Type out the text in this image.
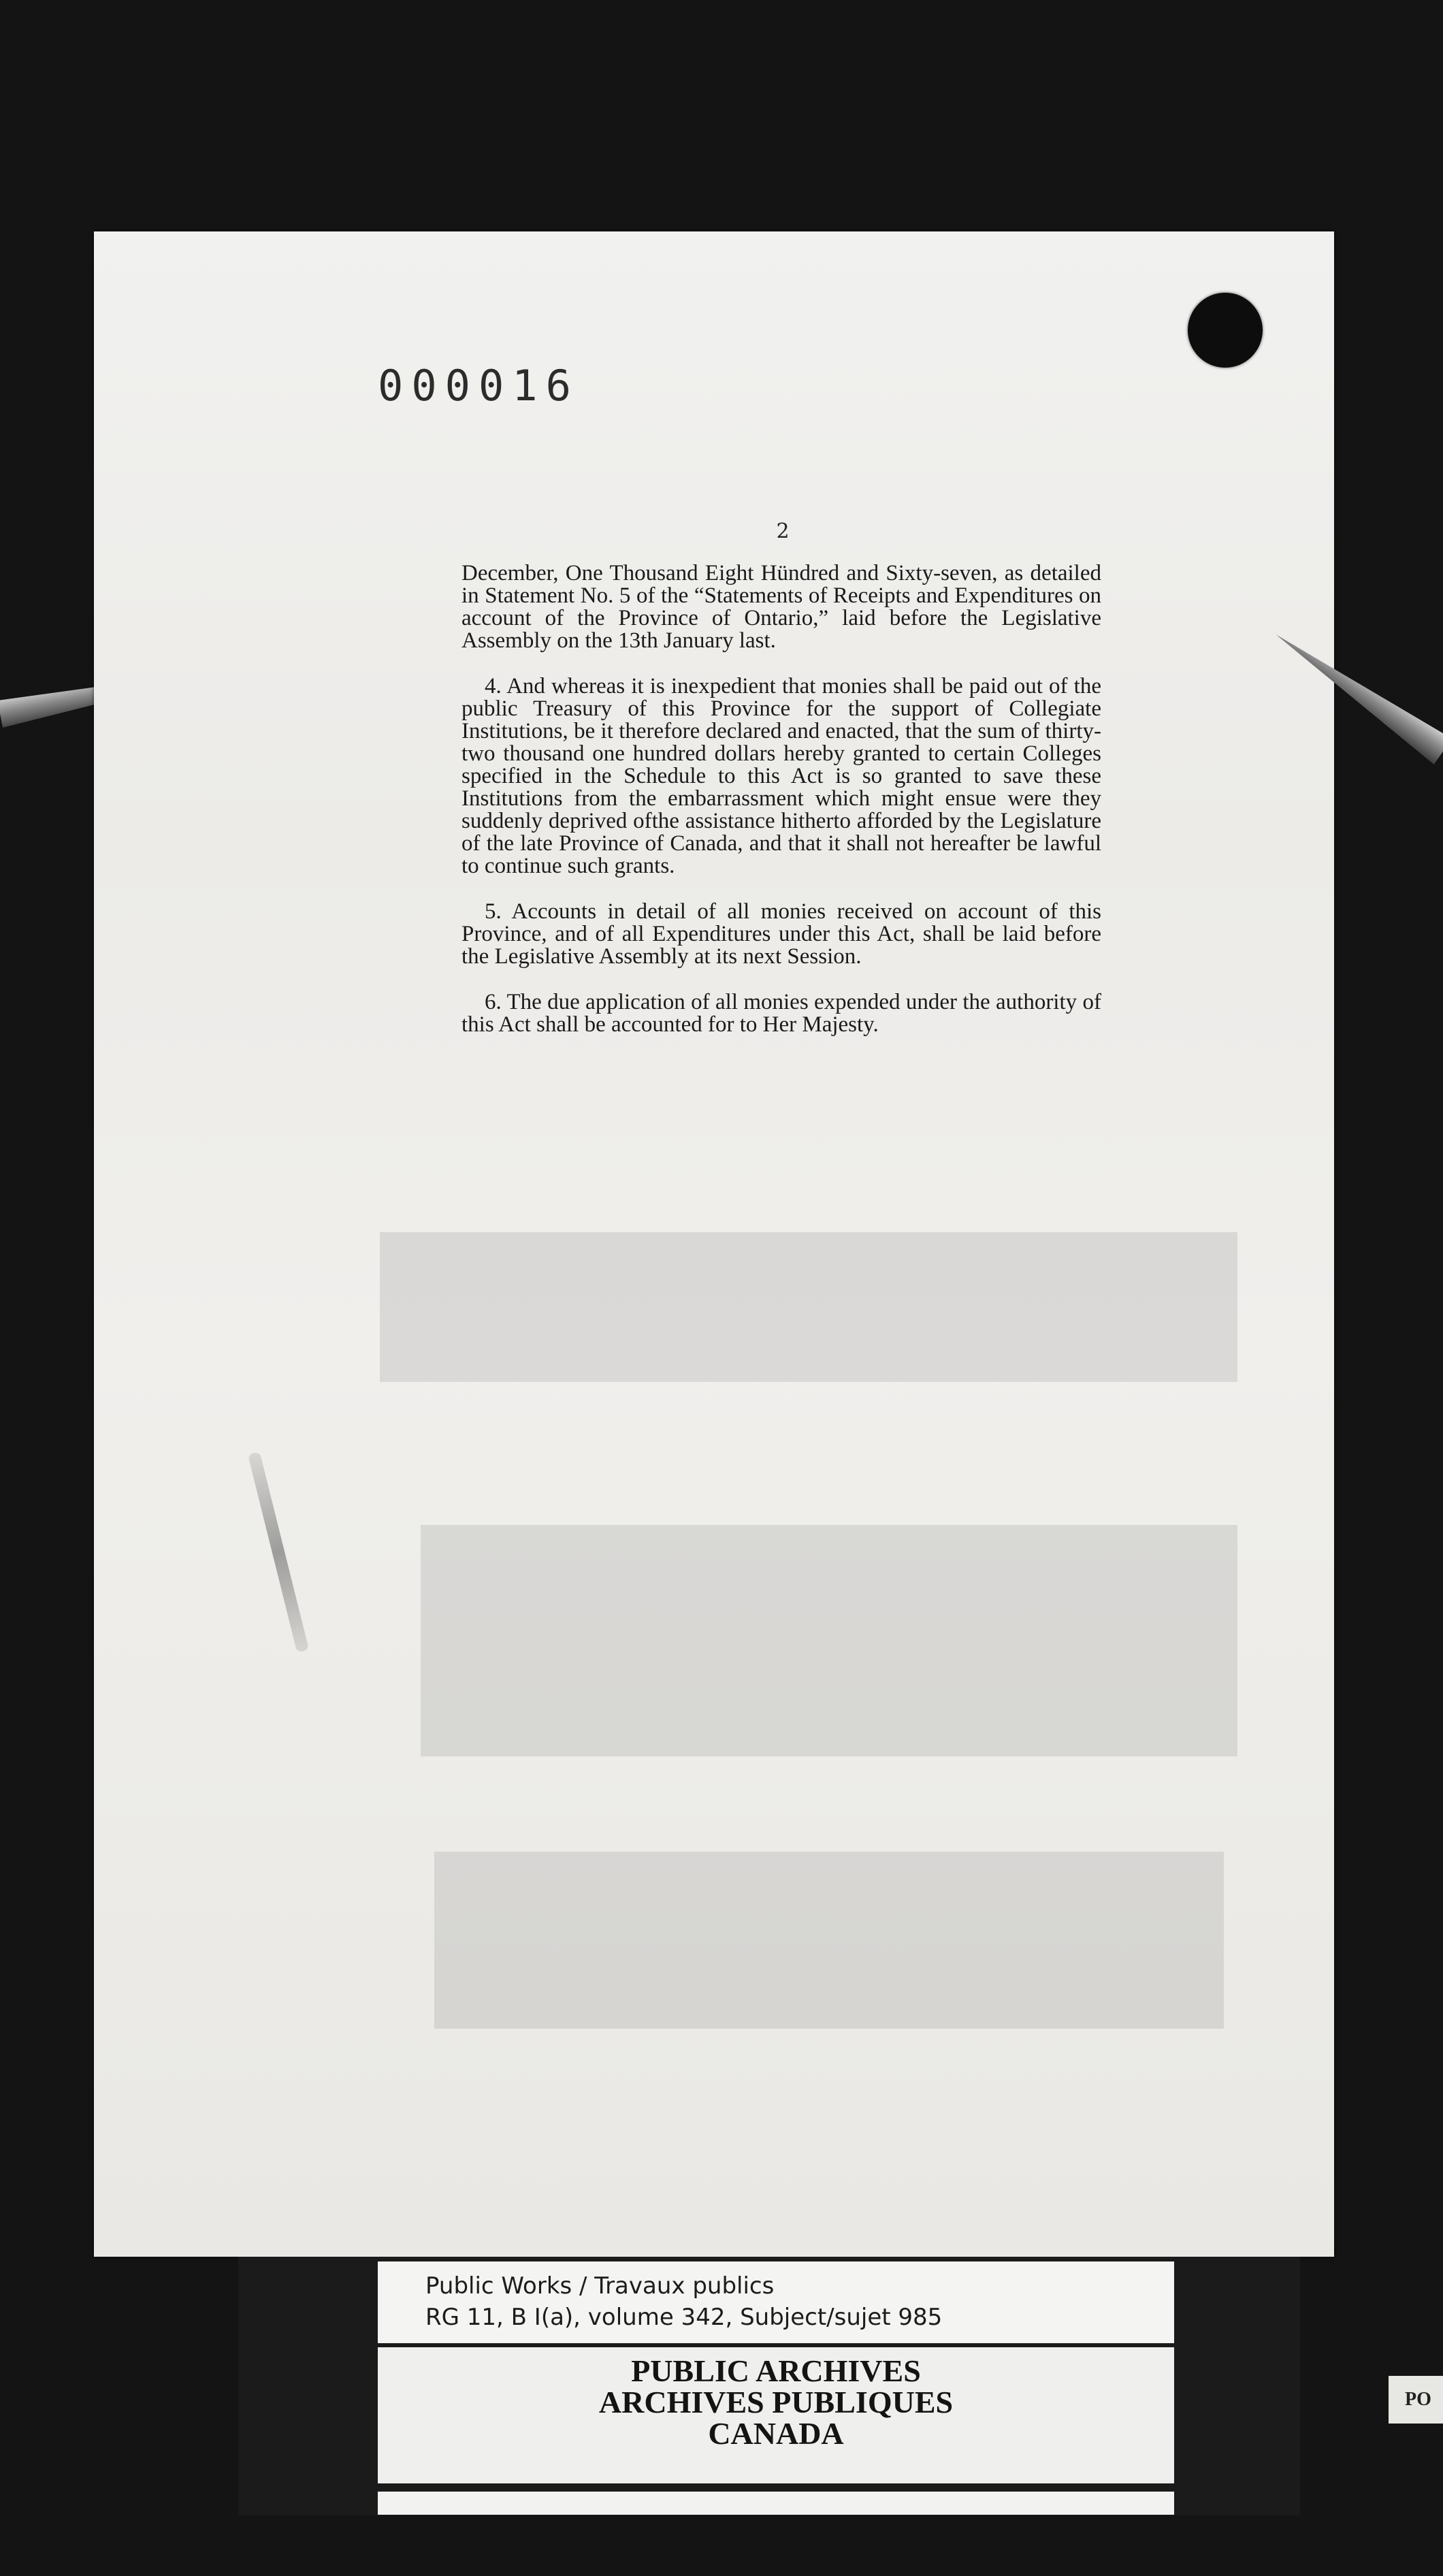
000016
2

December, One Thousand Eight Hündred and Sixty-seven, as detailed in Statement No. 5 of the “Statements of Receipts and Expenditures on account of the Province of Ontario,” laid before the Legislative Assembly on the 13th January last.

4. And whereas it is inexpedient that monies shall be paid out of the public Treasury of this Province for the support of Collegiate Institutions, be it therefore declared and enacted, that the sum of thirty-two thousand one hundred dollars hereby granted to certain Colleges specified in the Schedule to this Act is so granted to save these Institutions from the embarrassment which might ensue were they suddenly deprived ofthe assistance hitherto afforded by the Legislature of the late Province of Canada, and that it shall not hereafter be lawful to continue such grants.

5. Accounts in detail of all monies received on account of this Province, and of all Expenditures under this Act, shall be laid before the Legislative Assembly at its next Session.

6. The due application of all monies expended under the authority of this Act shall be accounted for to Her Majesty.

Public Works / Travaux publics
RG 11, B I(a), volume 342, Subject/sujet 985
PUBLIC ARCHIVES
ARCHIVES PUBLIQUES
CANADA
PO
